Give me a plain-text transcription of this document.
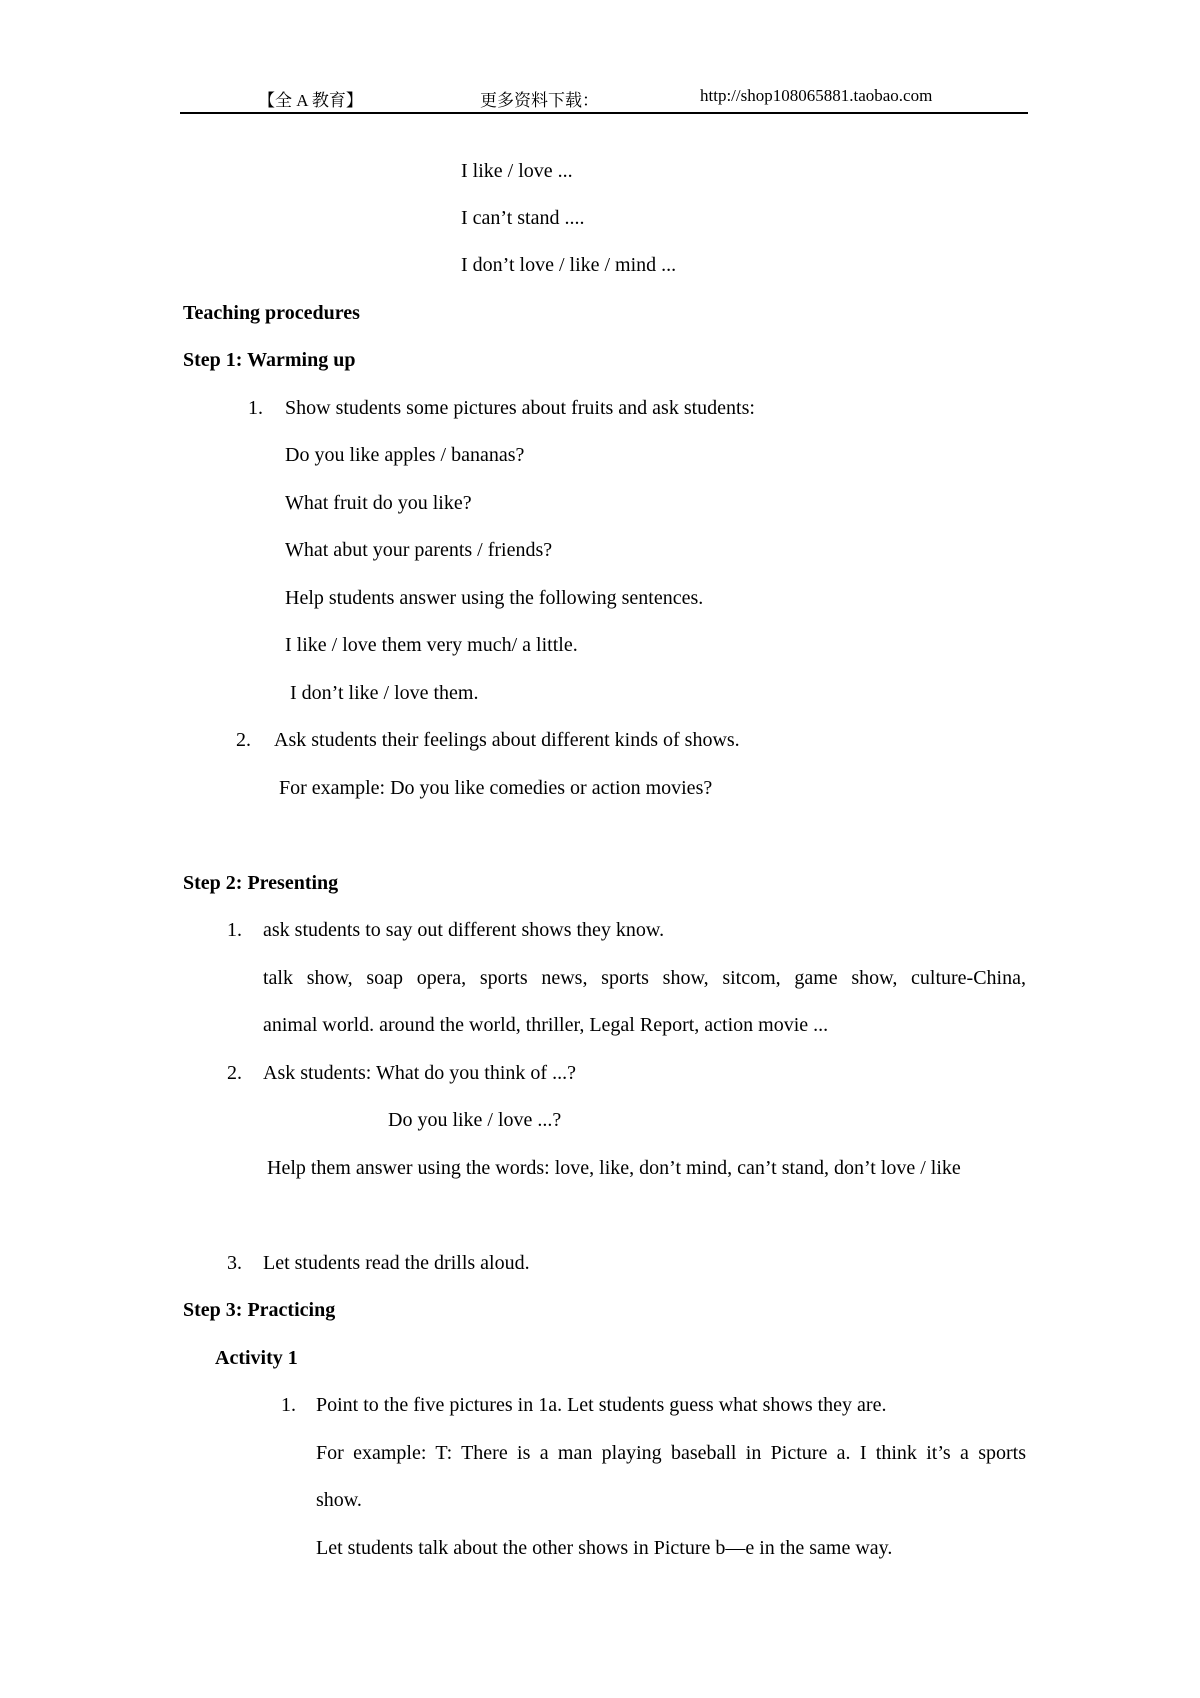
【全 A 教育】	更多资料下载：	http://shop108065881.taobao.com
I like / love ...
I can’t stand ....
I don’t love / like / mind ...
Teaching procedures
Step 1: Warming up
1. Show students some pictures about fruits and ask students:
Do you like apples / bananas?
What fruit do you like?
What abut your parents / friends?
Help students answer using the following sentences.
I like / love them very much/ a little.
I don’t like / love them.
2. Ask students their feelings about different kinds of shows.
For example: Do you like comedies or action movies?
Step 2: Presenting
1. ask students to say out different shows they know.
talk show, soap opera, sports news, sports show, sitcom, game show, culture-China,
animal world. around the world, thriller, Legal Report, action movie ...
2. Ask students: What do you think of ...?
Do you like / love ...?
Help them answer using the words: love, like, don’t mind, can’t stand, don’t love / like
3. Let students read the drills aloud.
Step 3: Practicing
Activity 1
1. Point to the five pictures in 1a. Let students guess what shows they are.
For example: T: There is a man playing baseball in Picture a. I think it’s a sports
show.
Let students talk about the other shows in Picture b—e in the same way.
